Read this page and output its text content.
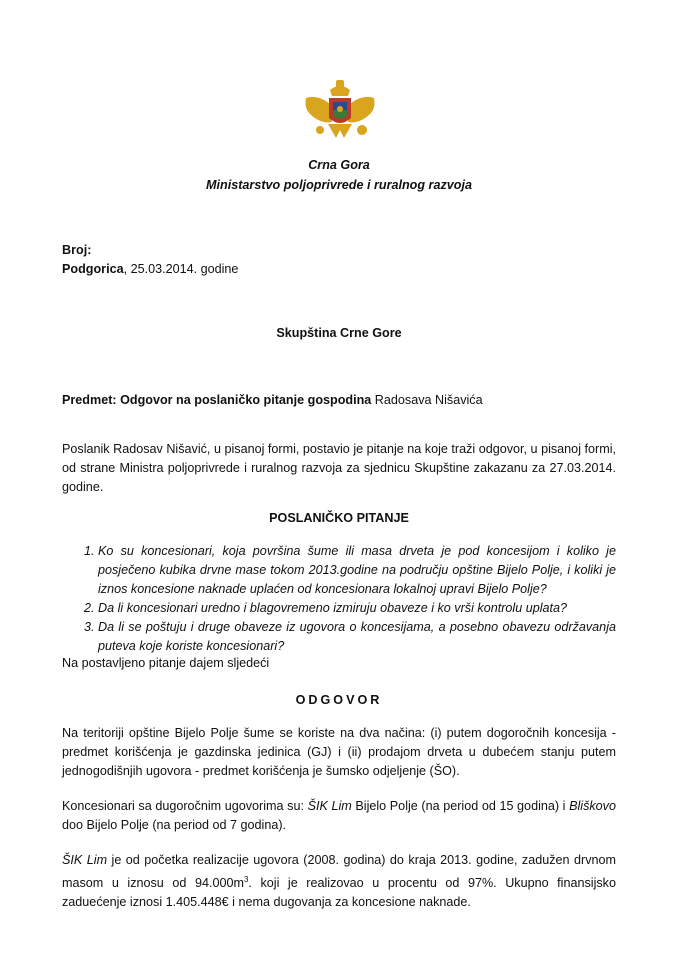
Crna Gora
Ministarstvo poljoprivrede i ruralnog razvoja
Broj:
Podgorica, 25.03.2014. godine
Skupština Crne Gore
Predmet: Odgovor na poslaničko pitanje gospodina Radosava Nišavića
Poslanik Radosav Nišavić, u pisanoj formi, postavio je pitanje na koje traži odgovor, u pisanoj formi, od strane Ministra poljoprivrede i ruralnog razvoja za sjednicu Skupštine zakazanu za 27.03.2014. godine.
POSLANIČKO PITANJE
1. Ko su koncesionari, koja površina šume ili masa drveta je pod koncesijom i koliko je posječeno kubika drvne mase tokom 2013.godine na području opštine Bijelo Polje, i koliki je iznos koncesione naknade uplaćen od koncesionara lokalnoj upravi Bijelo Polje?
2. Da li koncesionari uredno i blagovremeno izmiruju obaveze i ko vrši kontrolu uplata?
3. Da li se poštuju i druge obaveze iz ugovora o koncesijama, a posebno obavezu održavanja puteva koje koriste koncesionari?
Na postavljeno pitanje dajem sljedeći
ODGOVOR
Na teritoriji opštine Bijelo Polje šume se koriste na dva načina: (i) putem dogoročnih koncesija - predmet korišćenja je gazdinska jedinica (GJ) i (ii) prodajom drveta u dubećem stanju putem jednogodišnjih ugovora - predmet korišćenja je šumsko odjeljenje (ŠO).
Koncesionari sa dugoročnim ugovorima su: ŠIK Lim Bijelo Polje (na period od 15 godina) i Bliškovo doo Bijelo Polje (na period od 7 godina).
ŠIK Lim je od početka realizacije ugovora (2008. godina) do kraja 2013. godine, zadužen drvnom masom u iznosu od $94.000m^3$. koji je realizovao u procentu od 97%. Ukupno finansijsko zaduećenje iznosi 1.405.448€ i nema dugovanja za koncesione naknade.
